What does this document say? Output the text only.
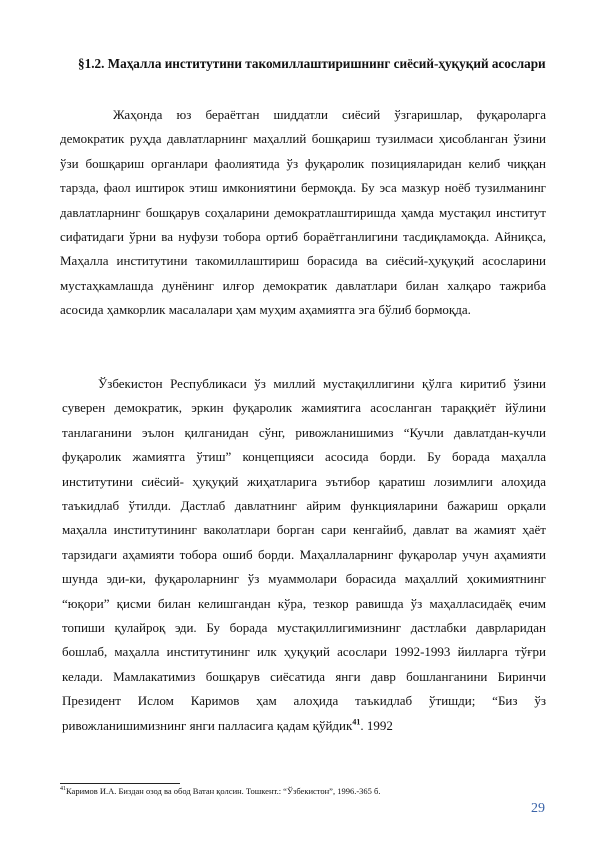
§1.2. Маҳалла институтини такомиллаштиришнинг сиёсий-ҳуқуқий асослари

Жаҳонда юз бераётган шиддатли сиёсий ўзгаришлар, фуқароларга демократик руҳда давлатларнинг маҳаллий бошқариш тузилмаси ҳисобланган ўзини ўзи бошқариш органлари фаолиятида ўз фуқаролик позицияларидан келиб чиққан тарзда, фаол иштирок этиш имкониятини бермоқда. Бу эса мазкур ноёб тузилманинг давлатларнинг бошқарув соҳаларини демократлаштиришда ҳамда мустақил институт сифатидаги ўрни ва нуфузи тобора ортиб бораётганлигини тасдиқламоқда. Айниқса, Маҳалла институтини такомиллаштириш борасида ва сиёсий-ҳуқуқий асосларини мустаҳкамлашда дунёнинг илғор демократик давлатлари билан халқаро тажриба асосида ҳамкорлик масалалари ҳам муҳим аҳамиятга эга бўлиб бормоқда.

Ўзбекистон Республикаси ўз миллий мустақиллигини қўлга киритиб ўзини суверен демократик, эркин фуқаролик жамиятига асосланган тараққиёт йўлини танлаганини эълон қилганидан сўнг, ривожланишимиз “Кучли давлатдан-кучли фуқаролик жамиятга ўтиш” концепцияси асосида борди. Бу борада маҳалла институтини сиёсий- ҳуқуқий жиҳатларига эътибор қаратиш лозимлиги алоҳида таъкидлаб ўтилди. Дастлаб давлатнинг айрим функцияларини бажариш орқали маҳалла институтининг ваколатлари борган сари кенгайиб, давлат ва жамият ҳаёт тарзидаги аҳамияти тобора ошиб борди. Маҳаллаларнинг фуқаролар учун аҳамияти шунда эди-ки, фуқароларнинг ўз муаммолари борасида маҳаллий ҳокимиятнинг “юқори” қисми билан келишгандан кўра, тезкор равишда ўз маҳалласидаёқ ечим топиши қулайроқ эди. Бу борада мустақиллигимизнинг дастлабки даврларидан бошлаб, маҳалла институтининг илк ҳуқуқий асослари 1992-1993 йилларга тўғри келади. Мамлакатимиз бошқарув сиёсатида янги давр бошланганини Биринчи Президент Ислом Каримов ҳам алоҳида таъкидлаб ўтишди; “Биз ўз ривожланишимизнинг янги палласига қадам қўйдик$^{41}$. 1992

$^{41}$Каримов И.А. Биздан озод ва обод Ватан қолсин. Тошкент.: “Ўзбекистон”, 1996.-365 б.

29
